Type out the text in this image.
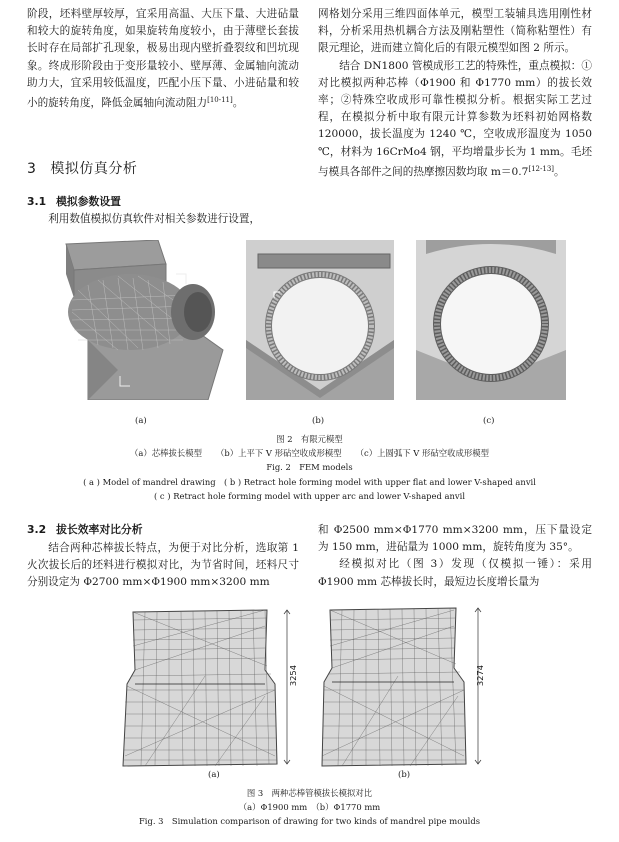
阶段，坯料壁厚较厚，宜采用高温、大压下量、大进砧量和较大的旋转角度，如果旋转角度较小，由于薄壁长套拔长时存在局部扩孔现象，极易出现内壁折叠裂纹和凹坑现象。终成形阶段由于变形量较小、壁厚薄、金属轴向流动助力大，宜采用较低温度，匹配小压下量、小进砧量和较小的旋转角度，降低金属轴向流动阻力[10-11]。

3 模拟仿真分析
3.1 模拟参数设置

利用数值模拟仿真软件对相关参数进行设置，

网格划分采用三维四面体单元，模型工装辅具选用刚性材料，分析采用热机耦合方法及刚粘塑性（简称粘塑性）有限元理论，进而建立简化后的有限元模型如图 2 所示。

结合 DN1800 管模成形工艺的特殊性，重点模拟：①对比模拟两种芯棒（Φ1900 和 Φ1770 mm）的拔长效率；②特殊空收成形可靠性模拟分析。根据实际工艺过程，在模拟分析中取有限元计算参数为坯料初始网格数 120000，拔长温度为 1240 ℃，空收成形温度为 1050 ℃，材料为 16CrMo4 钢，平均增量步长为 1 mm。毛坯与模具各部件之间的热摩擦因数均取 m＝0.7[12-13]。

(a)	(b)	(c)
图 2　有限元模型
（a）芯棒拔长模型 （b）上平下 V 形砧空收成形模型 （c）上圆弧下 V 形砧空收成形模型
Fig. 2　FEM models
( a ) Model of mandrel drawing　( b ) Retract hole forming model with upper flat and lower V-shaped anvil
( c ) Retract hole forming model with upper arc and lower V-shaped anvil
3.2 拔长效率对比分析

结合两种芯棒拔长特点，为便于对比分析，选取第 1 火次拔长后的坯料进行模拟对比，为节省时间，坯料尺寸分别设定为 Φ2700 mm×Φ1900 mm×3200 mm

和 Φ2500 mm×Φ1770 mm×3200 mm，压下量设定为 150 mm，进砧量为 1000 mm，旋转角度为 35°。

经模拟对比（图 3）发现（仅模拟一锤）：采用 Φ1900 mm 芯棒拔长时，最短边长度增长量为

3254	3274
(a)	(b)
图 3　两种芯棒管模拔长模拟对比
（a）Φ1900 mm　（b）Φ1770 mm
Fig. 3　Simulation comparison of drawing for two kinds of mandrel pipe moulds
